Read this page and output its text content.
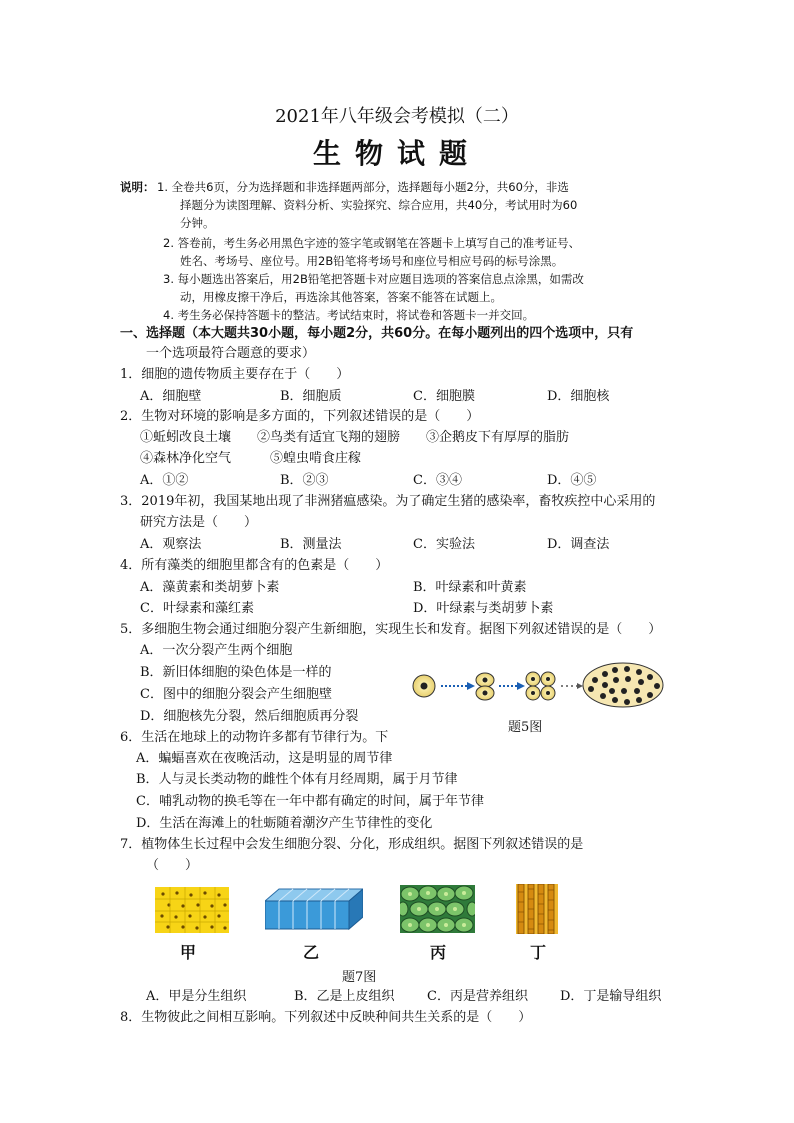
2021年八年级会考模拟（二）
生物试题
说明： 1. 全卷共6页，分为选择题和非选择题两部分，选择题每小题2分，共60分，非选
择题分为读图理解、资料分析、实验探究、综合应用，共40分，考试用时为60
分钟。
2. 答卷前，考生务必用黑色字迹的签字笔或钢笔在答题卡上填写自己的准考证号、
姓名、考场号、座位号。用2B铅笔将考场号和座位号相应号码的标号涂黑。
3. 每小题选出答案后，用2B铅笔把答题卡对应题目选项的答案信息点涂黑，如需改
动，用橡皮擦干净后，再选涂其他答案，答案不能答在试题上。
4. 考生务必保持答题卡的整洁。考试结束时，将试卷和答题卡一并交回。
一、选择题（本大题共30小题，每小题2分，共60分。在每小题列出的四个选项中，只有
一个选项最符合题意的要求）
1．细胞的遗传物质主要存在于（　　）
A．细胞壁	B．细胞质	C．细胞膜	D．细胞核
2．生物对环境的影响是多方面的，下列叙述错误的是（　　）
①蚯蚓改良土壤　　②鸟类有适宜飞翔的翅膀　　③企鹅皮下有厚厚的脂肪
④森林净化空气　　　⑤蝗虫啃食庄稼
A．①②	B．②③	C．③④	D．④⑤
3．2019年初，我国某地出现了非洲猪瘟感染。为了确定生猪的感染率，畜牧疾控中心采用的
研究方法是（　　）
A．观察法	B．测量法	C．实验法	D．调查法
4．所有藻类的细胞里都含有的色素是（　　）
A．藻黄素和类胡萝卜素	B．叶绿素和叶黄素
C．叶绿素和藻红素	D．叶绿素与类胡萝卜素
5．多细胞生物会通过细胞分裂产生新细胞，实现生长和发育。据图下列叙述错误的是（　　）
A．一次分裂产生两个细胞
B．新旧体细胞的染色体是一样的
C．图中的细胞分裂会产生细胞壁
D．细胞核先分裂，然后细胞质再分裂
题5图
6．生活在地球上的动物许多都有节律行为。下
A．蝙蝠喜欢在夜晚活动，这是明显的周节律
B．人与灵长类动物的雌性个体有月经周期，属于月节律
C．哺乳动物的换毛等在一年中都有确定的时间，属于年节律
D．生活在海滩上的牡蛎随着潮汐产生节律性的变化
7．植物体生长过程中会发生细胞分裂、分化，形成组织。据图下列叙述错误的是
（　　）
甲	乙	丙	丁
题7图
A．甲是分生组织	B．乙是上皮组织 C．丙是营养组织 D．丁是输导组织
8．生物彼此之间相互影响。下列叙述中反映种间共生关系的是（　　）
